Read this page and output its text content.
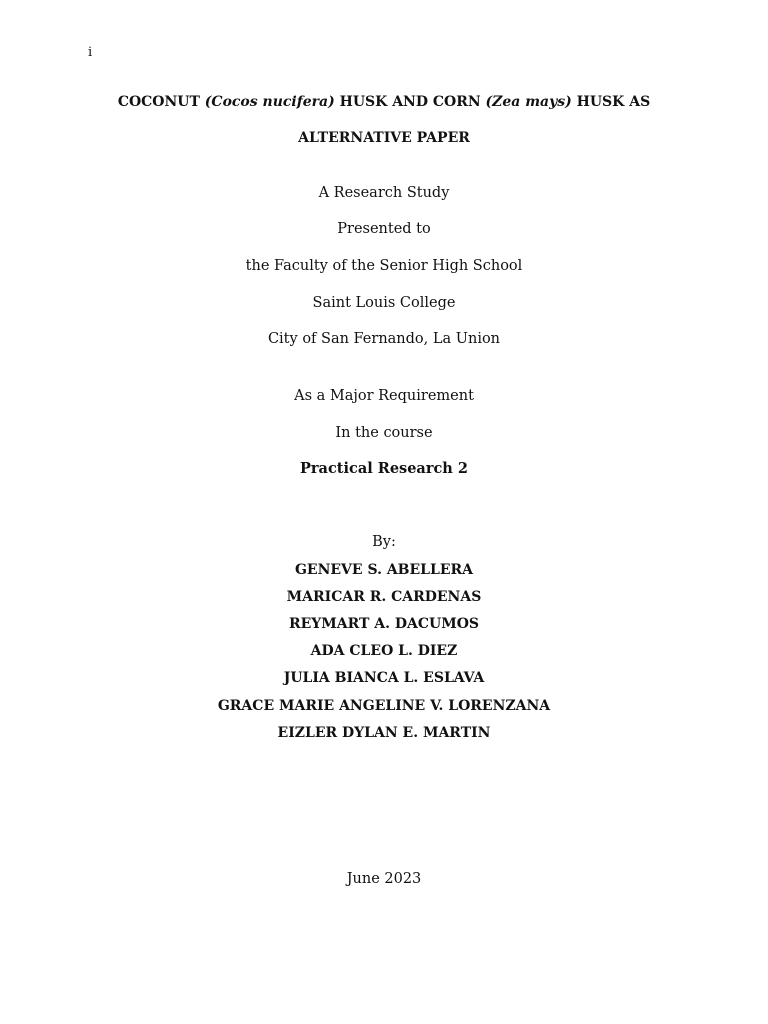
i
COCONUT (Cocos nucifera) HUSK AND CORN (Zea mays) HUSK AS
ALTERNATIVE PAPER
A Research Study
Presented to
the Faculty of the Senior High School
Saint Louis College
City of San Fernando, La Union
As a Major Requirement
In the course
Practical Research 2
By:
GENEVE S. ABELLERA
MARICAR R. CARDENAS
REYMART A. DACUMOS
ADA CLEO L. DIEZ
JULIA BIANCA L. ESLAVA
GRACE MARIE ANGELINE V. LORENZANA
EIZLER DYLAN E. MARTIN
June 2023
